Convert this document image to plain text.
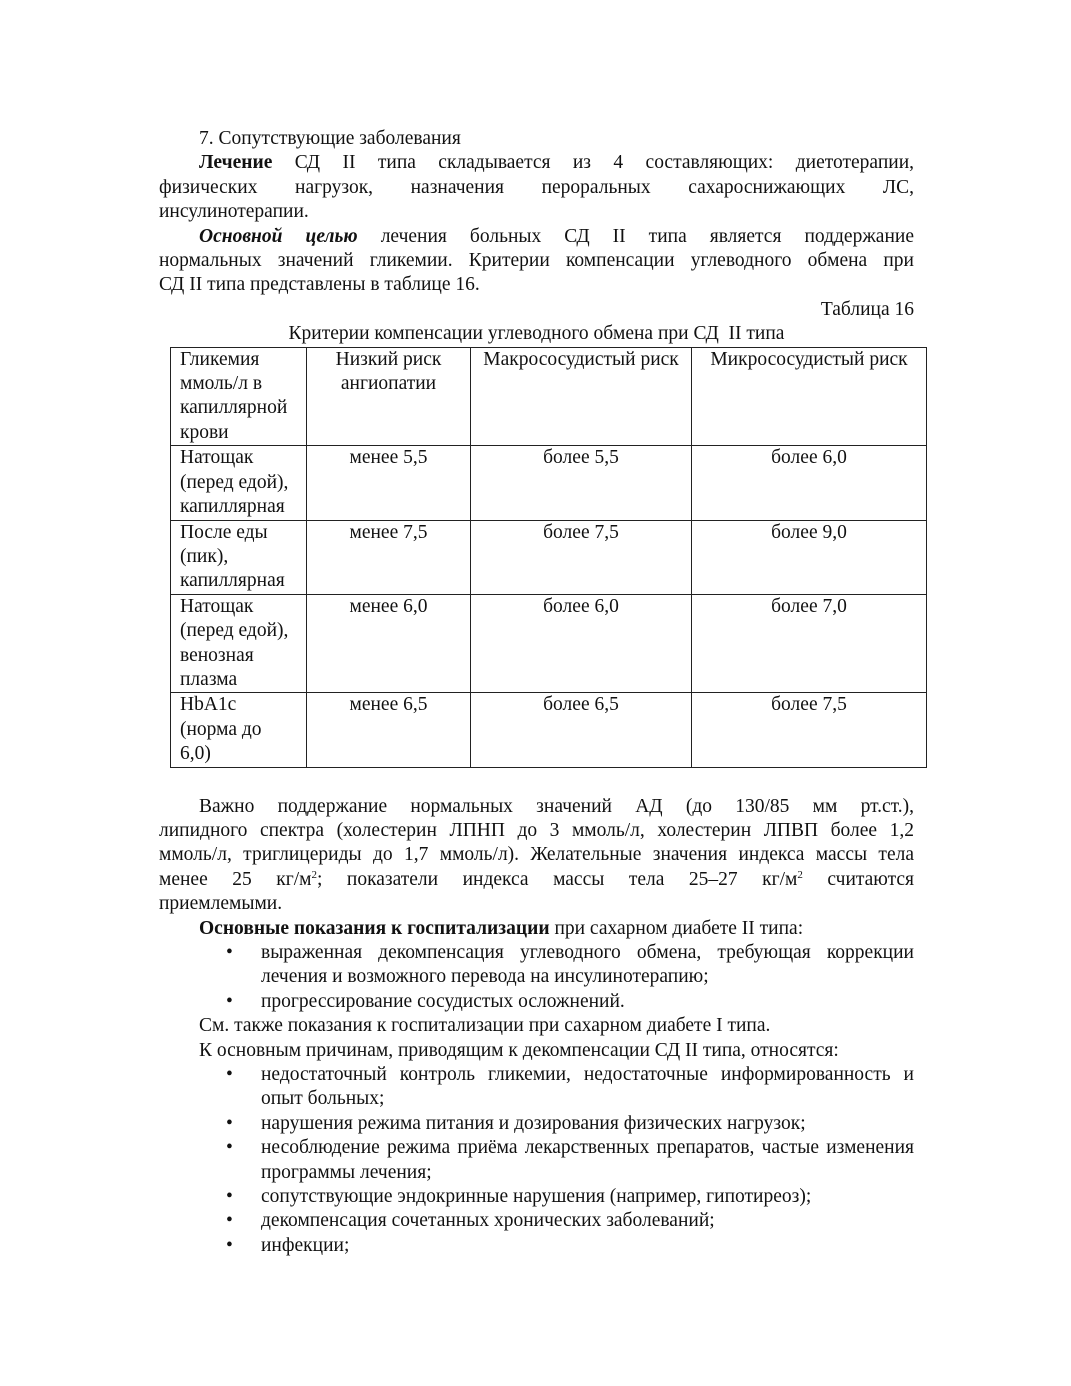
7. Сопутствующие заболевания

Лечение СД II типа складывается из 4 составляющих: диетотерапии,

физических нагрузок, назначения пероральных сахароснижающих ЛС,

инсулинотерапии.

Основной целью лечения больных СД II типа является поддержание

нормальных значений гликемии. Критерии компенсации углеводного обмена при

СД II типа представлены в таблице 16.

Таблица 16

Критерии компенсации углеводного обмена при СД  II типа

Гликемия ммоль/л в капиллярной крови	Низкий риск ангиопатии	Макрососудистый риск	Микрососудистый риск
Натощак (перед едой), капиллярная	менее 5,5	более 5,5	более 6,0
После еды (пик), капиллярная	менее 7,5	более 7,5	более 9,0
Натощак (перед едой), венозная плазма	менее 6,0	более 6,0	более 7,0
HbA1c (норма до 6,0)	менее 6,5	более 6,5	более 7,5

Важно поддержание нормальных значений АД (до 130/85 мм рт.ст.),

липидного спектра (холестерин ЛПНП до 3 ммоль/л, холестерин ЛПВП более 1,2

ммоль/л, триглицериды до 1,7 ммоль/л). Желательные значения индекса массы тела

менее 25 $кг/м^2$; показатели индекса массы тела 25–27 $кг/м^2$ считаются

приемлемыми.

Основные показания к госпитализации при сахарном диабете II типа:

• выраженная декомпенсация углеводного обмена, требующая коррекции лечения и возможного перевода на инсулинотерапию;
• прогрессирование сосудистых осложнений.

См. также показания к госпитализации при сахарном диабете I типа.

К основным причинам, приводящим к декомпенсации СД II типа, относятся:

• недостаточный контроль гликемии, недостаточные информированность и опыт больных;
• нарушения режима питания и дозирования физических нагрузок;
• несоблюдение режима приёма лекарственных препаратов, частые изменения программы лечения;
• сопутствующие эндокринные нарушения (например, гипотиреоз);
• декомпенсация сочетанных хронических заболеваний;
• инфекции;
